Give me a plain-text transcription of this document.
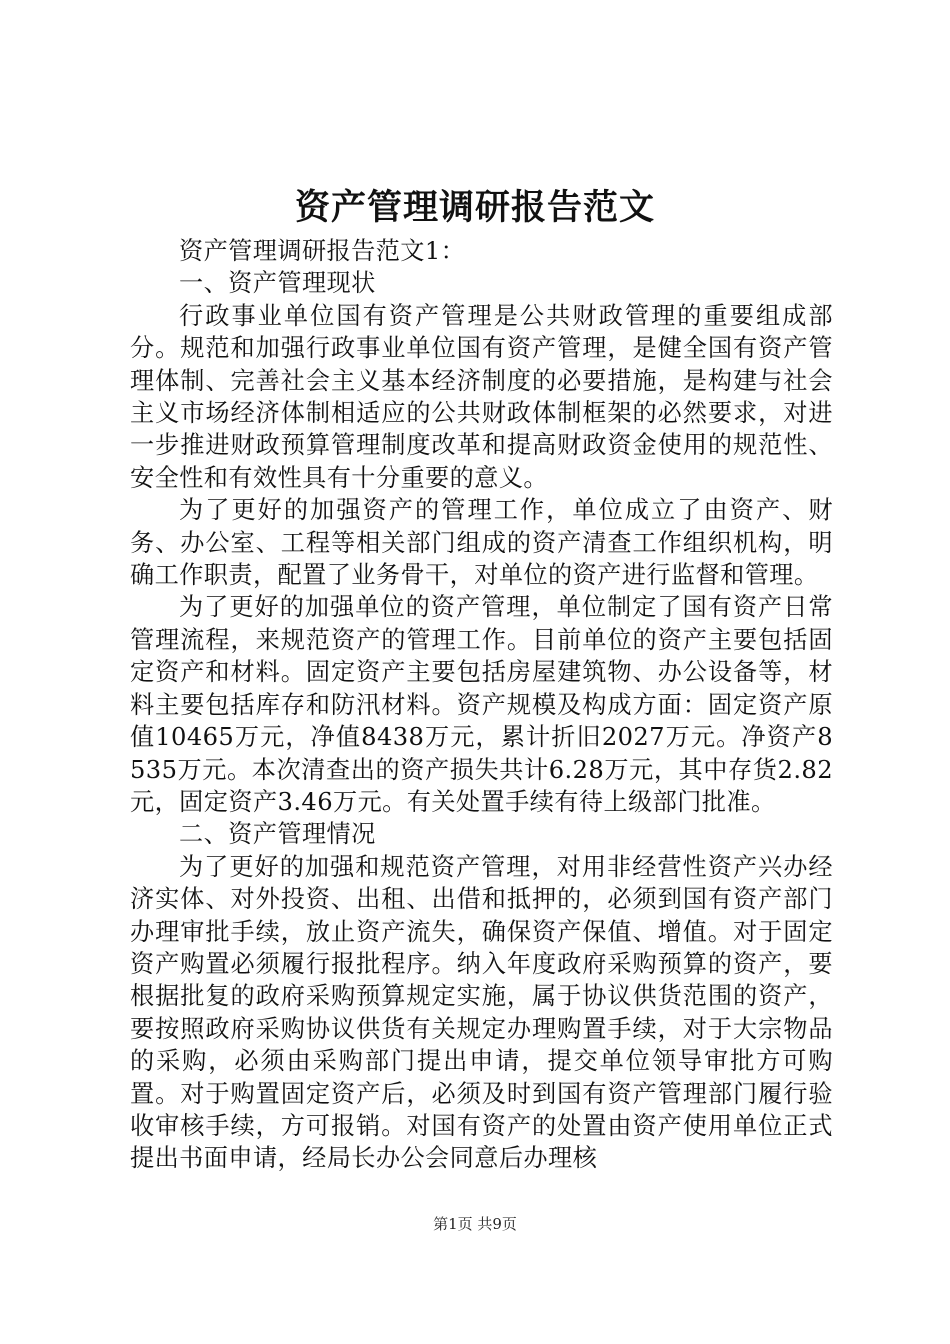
资产管理调研报告范文

资产管理调研报告范文1：

一、资产管理现状

行政事业单位国有资产管理是公共财政管理的重要组成部分。规范和加强行政事业单位国有资产管理，是健全国有资产管理体制、完善社会主义基本经济制度的必要措施，是构建与社会主义市场经济体制相适应的公共财政体制框架的必然要求，对进一步推进财政预算管理制度改革和提高财政资金使用的规范性、安全性和有效性具有十分重要的意义。

为了更好的加强资产的管理工作，单位成立了由资产、财务、办公室、工程等相关部门组成的资产清查工作组织机构，明确工作职责，配置了业务骨干，对单位的资产进行监督和管理。

为了更好的加强单位的资产管理，单位制定了国有资产日常管理流程，来规范资产的管理工作。目前单位的资产主要包括固定资产和材料。固定资产主要包括房屋建筑物、办公设备等，材料主要包括库存和防汛材料。资产规模及构成方面：固定资产原值10465万元，净值8438万元，累计折旧2027万元。净资产8535万元。本次清查出的资产损失共计6.28万元，其中存货2.82元，固定资产3.46万元。有关处置手续有待上级部门批准。

二、资产管理情况

为了更好的加强和规范资产管理，对用非经营性资产兴办经济实体、对外投资、出租、出借和抵押的，必须到国有资产部门办理审批手续，放止资产流失，确保资产保值、增值。对于固定资产购置必须履行报批程序。纳入年度政府采购预算的资产，要根据批复的政府采购预算规定实施，属于协议供货范围的资产，要按照政府采购协议供货有关规定办理购置手续，对于大宗物品的采购，必须由采购部门提出申请，提交单位领导审批方可购置。对于购置固定资产后，必须及时到国有资产管理部门履行验收审核手续，方可报销。对国有资产的处置由资产使用单位正式提出书面申请，经局长办公会同意后办理核

第1页 共9页
